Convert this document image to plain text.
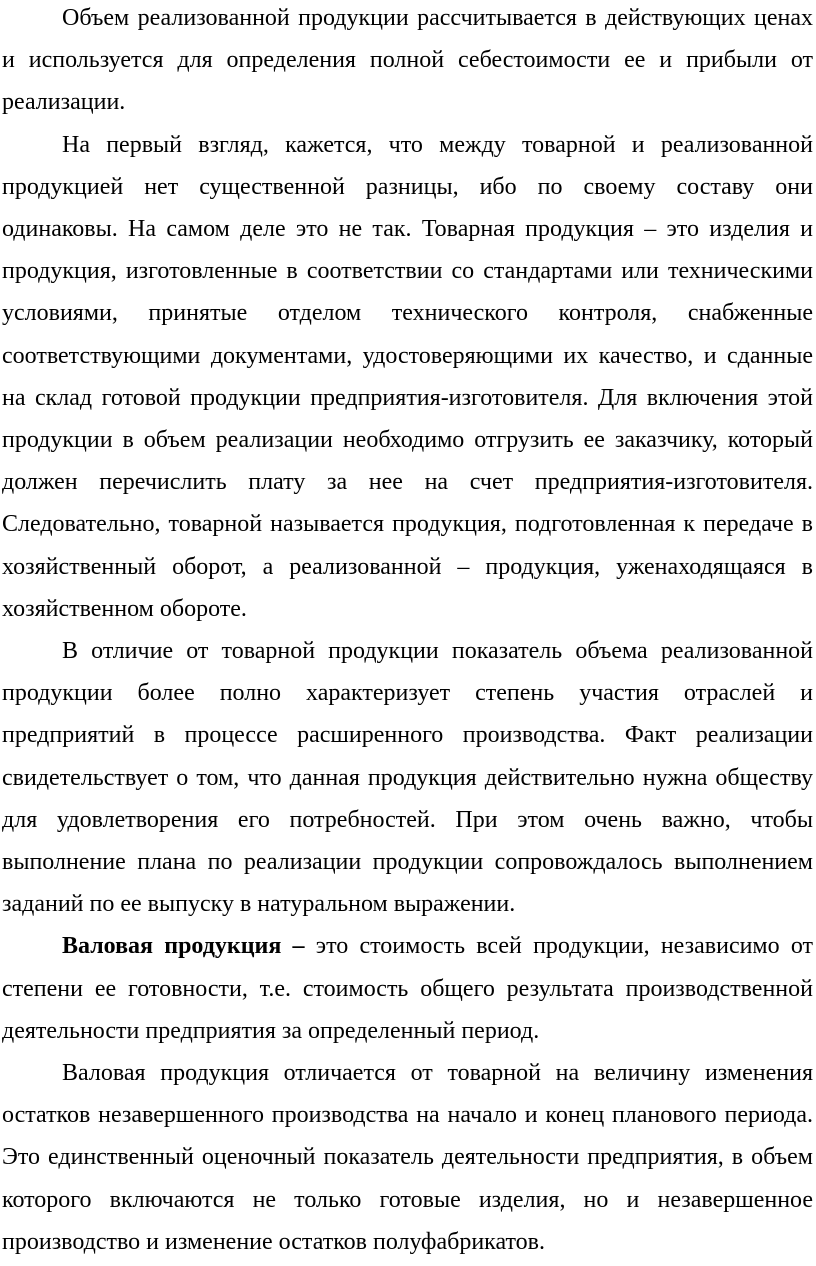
Объем реализованной продукции рассчитывается в действующих ценах и используется для определения полной себестоимости ее и прибыли от реализации.

На первый взгляд, кажется, что между товарной и реализованной продукцией нет существенной разницы, ибо по своему составу они одинаковы. На самом деле это не так. Товарная продукция – это изделия и продукция, изготовленные в соответствии со стандартами или техническими условиями, принятые отделом технического контроля, снабженные соответствующими документами, удостоверяющими их качество, и сданные на склад готовой продукции предприятия-изготовителя. Для включения этой продукции в объем реализации необходимо отгрузить ее заказчику, который должен перечислить плату за нее на счет предприятия-изготовителя. Следовательно, товарной называется продукция, подготовленная к передаче в хозяйственный оборот, а реализованной – продукция, уженаходящаяся в хозяйственном обороте.

В отличие от товарной продукции показатель объема реализованной продукции более полно характеризует степень участия отраслей и предприятий в процессе расширенного производства. Факт реализации свидетельствует о том, что данная продукция действительно нужна обществу для удовлетворения его потребностей. При этом очень важно, чтобы выполнение плана по реализации продукции сопровождалось выполнением заданий по ее выпуску в натуральном выражении.

Валовая продукция – это стоимость всей продукции, независимо от степени ее готовности, т.е. стоимость общего результата производственной деятельности предприятия за определенный период.

Валовая продукция отличается от товарной на величину изменения остатков незавершенного производства на начало и конец планового периода. Это единственный оценочный показатель деятельности предприятия, в объем которого включаются не только готовые изделия, но и незавершенное производство и изменение остатков полуфабрикатов.
